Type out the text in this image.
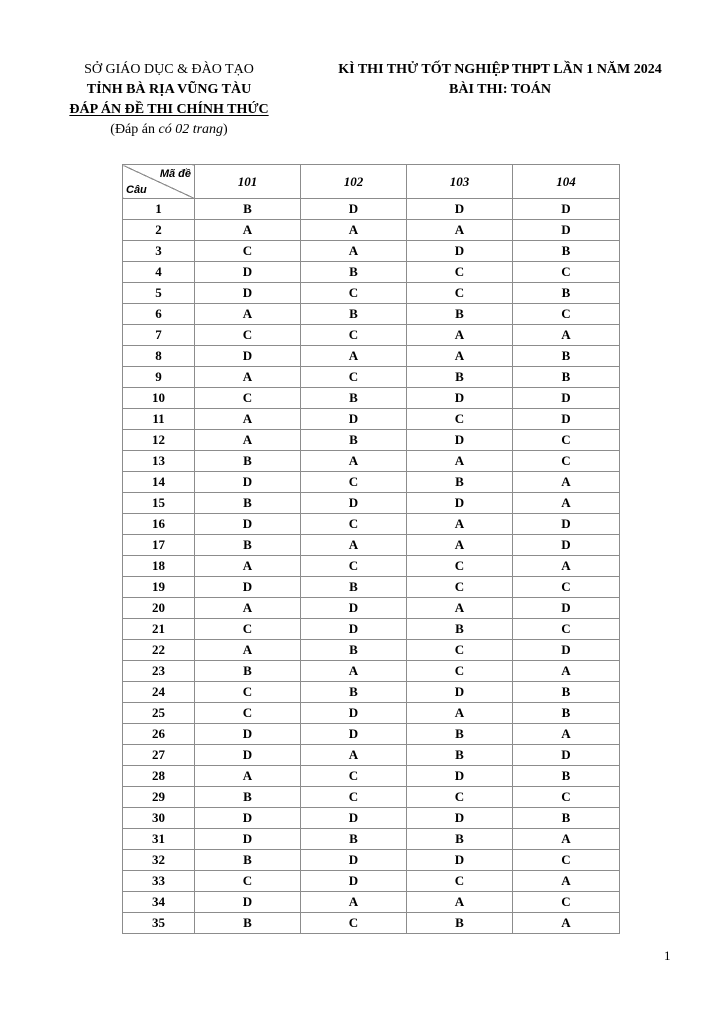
SỞ GIÁO DỤC & ĐÀO TẠO
TỈNH BÀ RỊA VŨNG TÀU
ĐÁP ÁN ĐỀ THI CHÍNH THỨC
(Đáp án có 02 trang)
KÌ THI THỬ TỐT NGHIỆP THPT LẦN 1 NĂM 2024
BÀI THI: TOÁN
Mã đề
Câu	101	102	103	104
1	B	D	D	D
2	A	A	A	D
3	C	A	D	B
4	D	B	C	C
5	D	C	C	B
6	A	B	B	C
7	C	C	A	A
8	D	A	A	B
9	A	C	B	B
10	C	B	D	D
11	A	D	C	D
12	A	B	D	C
13	B	A	A	C
14	D	C	B	A
15	B	D	D	A
16	D	C	A	D
17	B	A	A	D
18	A	C	C	A
19	D	B	C	C
20	A	D	A	D
21	C	D	B	C
22	A	B	C	D
23	B	A	C	A
24	C	B	D	B
25	C	D	A	B
26	D	D	B	A
27	D	A	B	D
28	A	C	D	B
29	B	C	C	C
30	D	D	D	B
31	D	B	B	A
32	B	D	D	C
33	C	D	C	A
34	D	A	A	C
35	B	C	B	A
1
